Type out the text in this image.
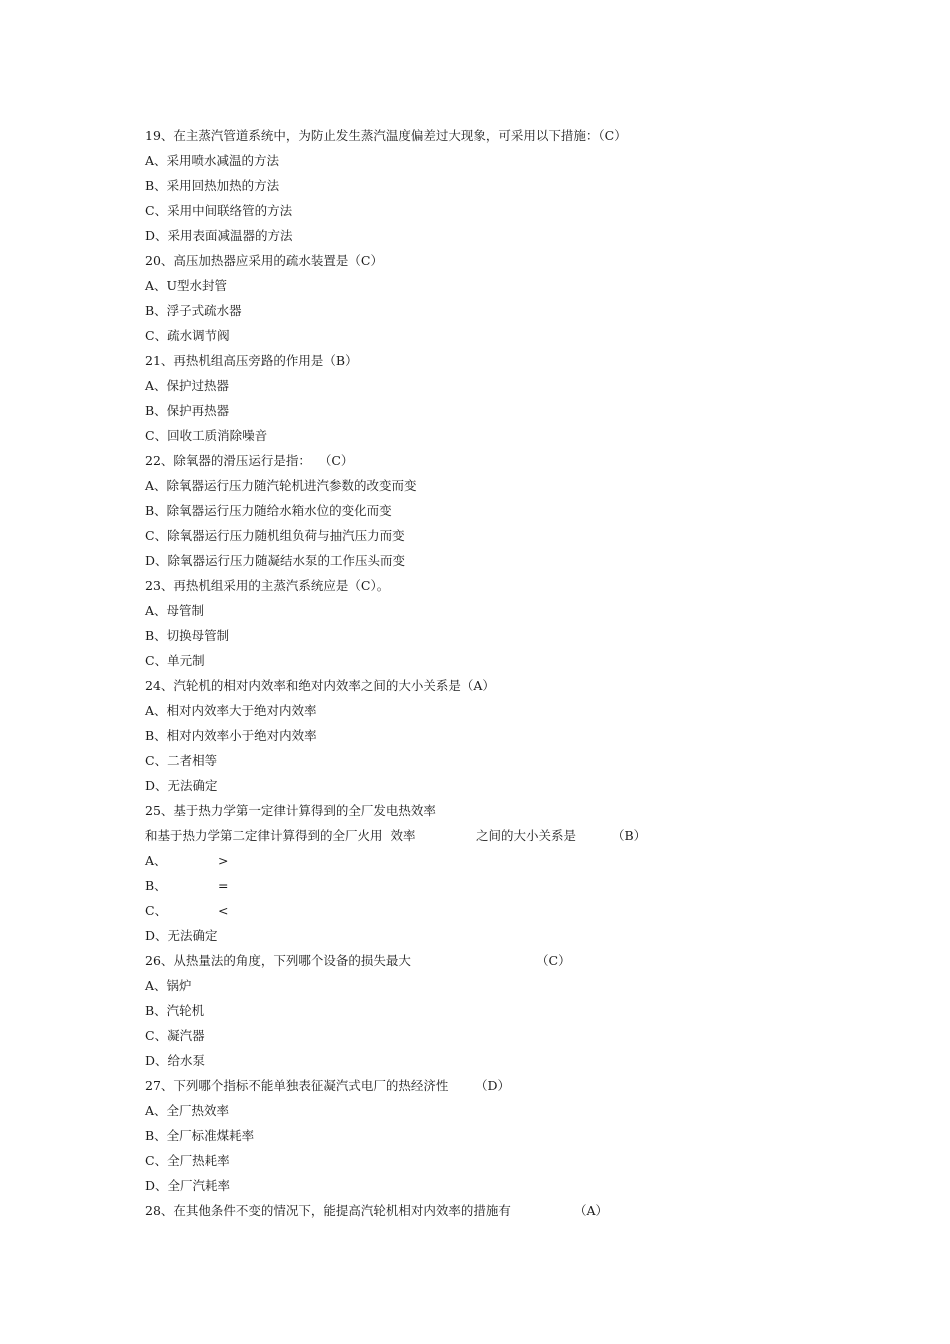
19、在主蒸汽管道系统中，为防止发生蒸汽温度偏差过大现象，可采用以下措施：（C）
A、采用喷水减温的方法
B、采用回热加热的方法
C、采用中间联络管的方法
D、采用表面减温器的方法
20、高压加热器应采用的疏水装置是（C）
A、U型水封管
B、浮子式疏水器
C、疏水调节阀
21、再热机组高压旁路的作用是（B）
A、保护过热器
B、保护再热器
C、回收工质消除噪音
22、除氧器的滑压运行是指：  （C）
A、除氧器运行压力随汽轮机进汽参数的改变而变
B、除氧器运行压力随给水箱水位的变化而变
C、除氧器运行压力随机组负荷与抽汽压力而变
D、除氧器运行压力随凝结水泵的工作压头而变
23、再热机组采用的主蒸汽系统应是（C）。
A、母管制
B、切换母管制
C、单元制
24、汽轮机的相对内效率和绝对内效率之间的大小关系是（A）
A、相对内效率大于绝对内效率
B、相对内效率小于绝对内效率
C、二者相等
D、无法确定
25、基于热力学第一定律计算得到的全厂发电热效率
和基于热力学第二定律计算得到的全厂火用  效率	之间的大小关系是	（B）
A、	>
B、	=
C、	<
D、无法确定
26、从热量法的角度，下列哪个设备的损失最大	（C）
A、锅炉
B、汽轮机
C、凝汽器
D、给水泵
27、下列哪个指标不能单独表征凝汽式电厂的热经济性 （D）
A、全厂热效率
B、全厂标准煤耗率
C、全厂热耗率
D、全厂汽耗率
28、在其他条件不变的情况下，能提高汽轮机相对内效率的措施有	（A）
